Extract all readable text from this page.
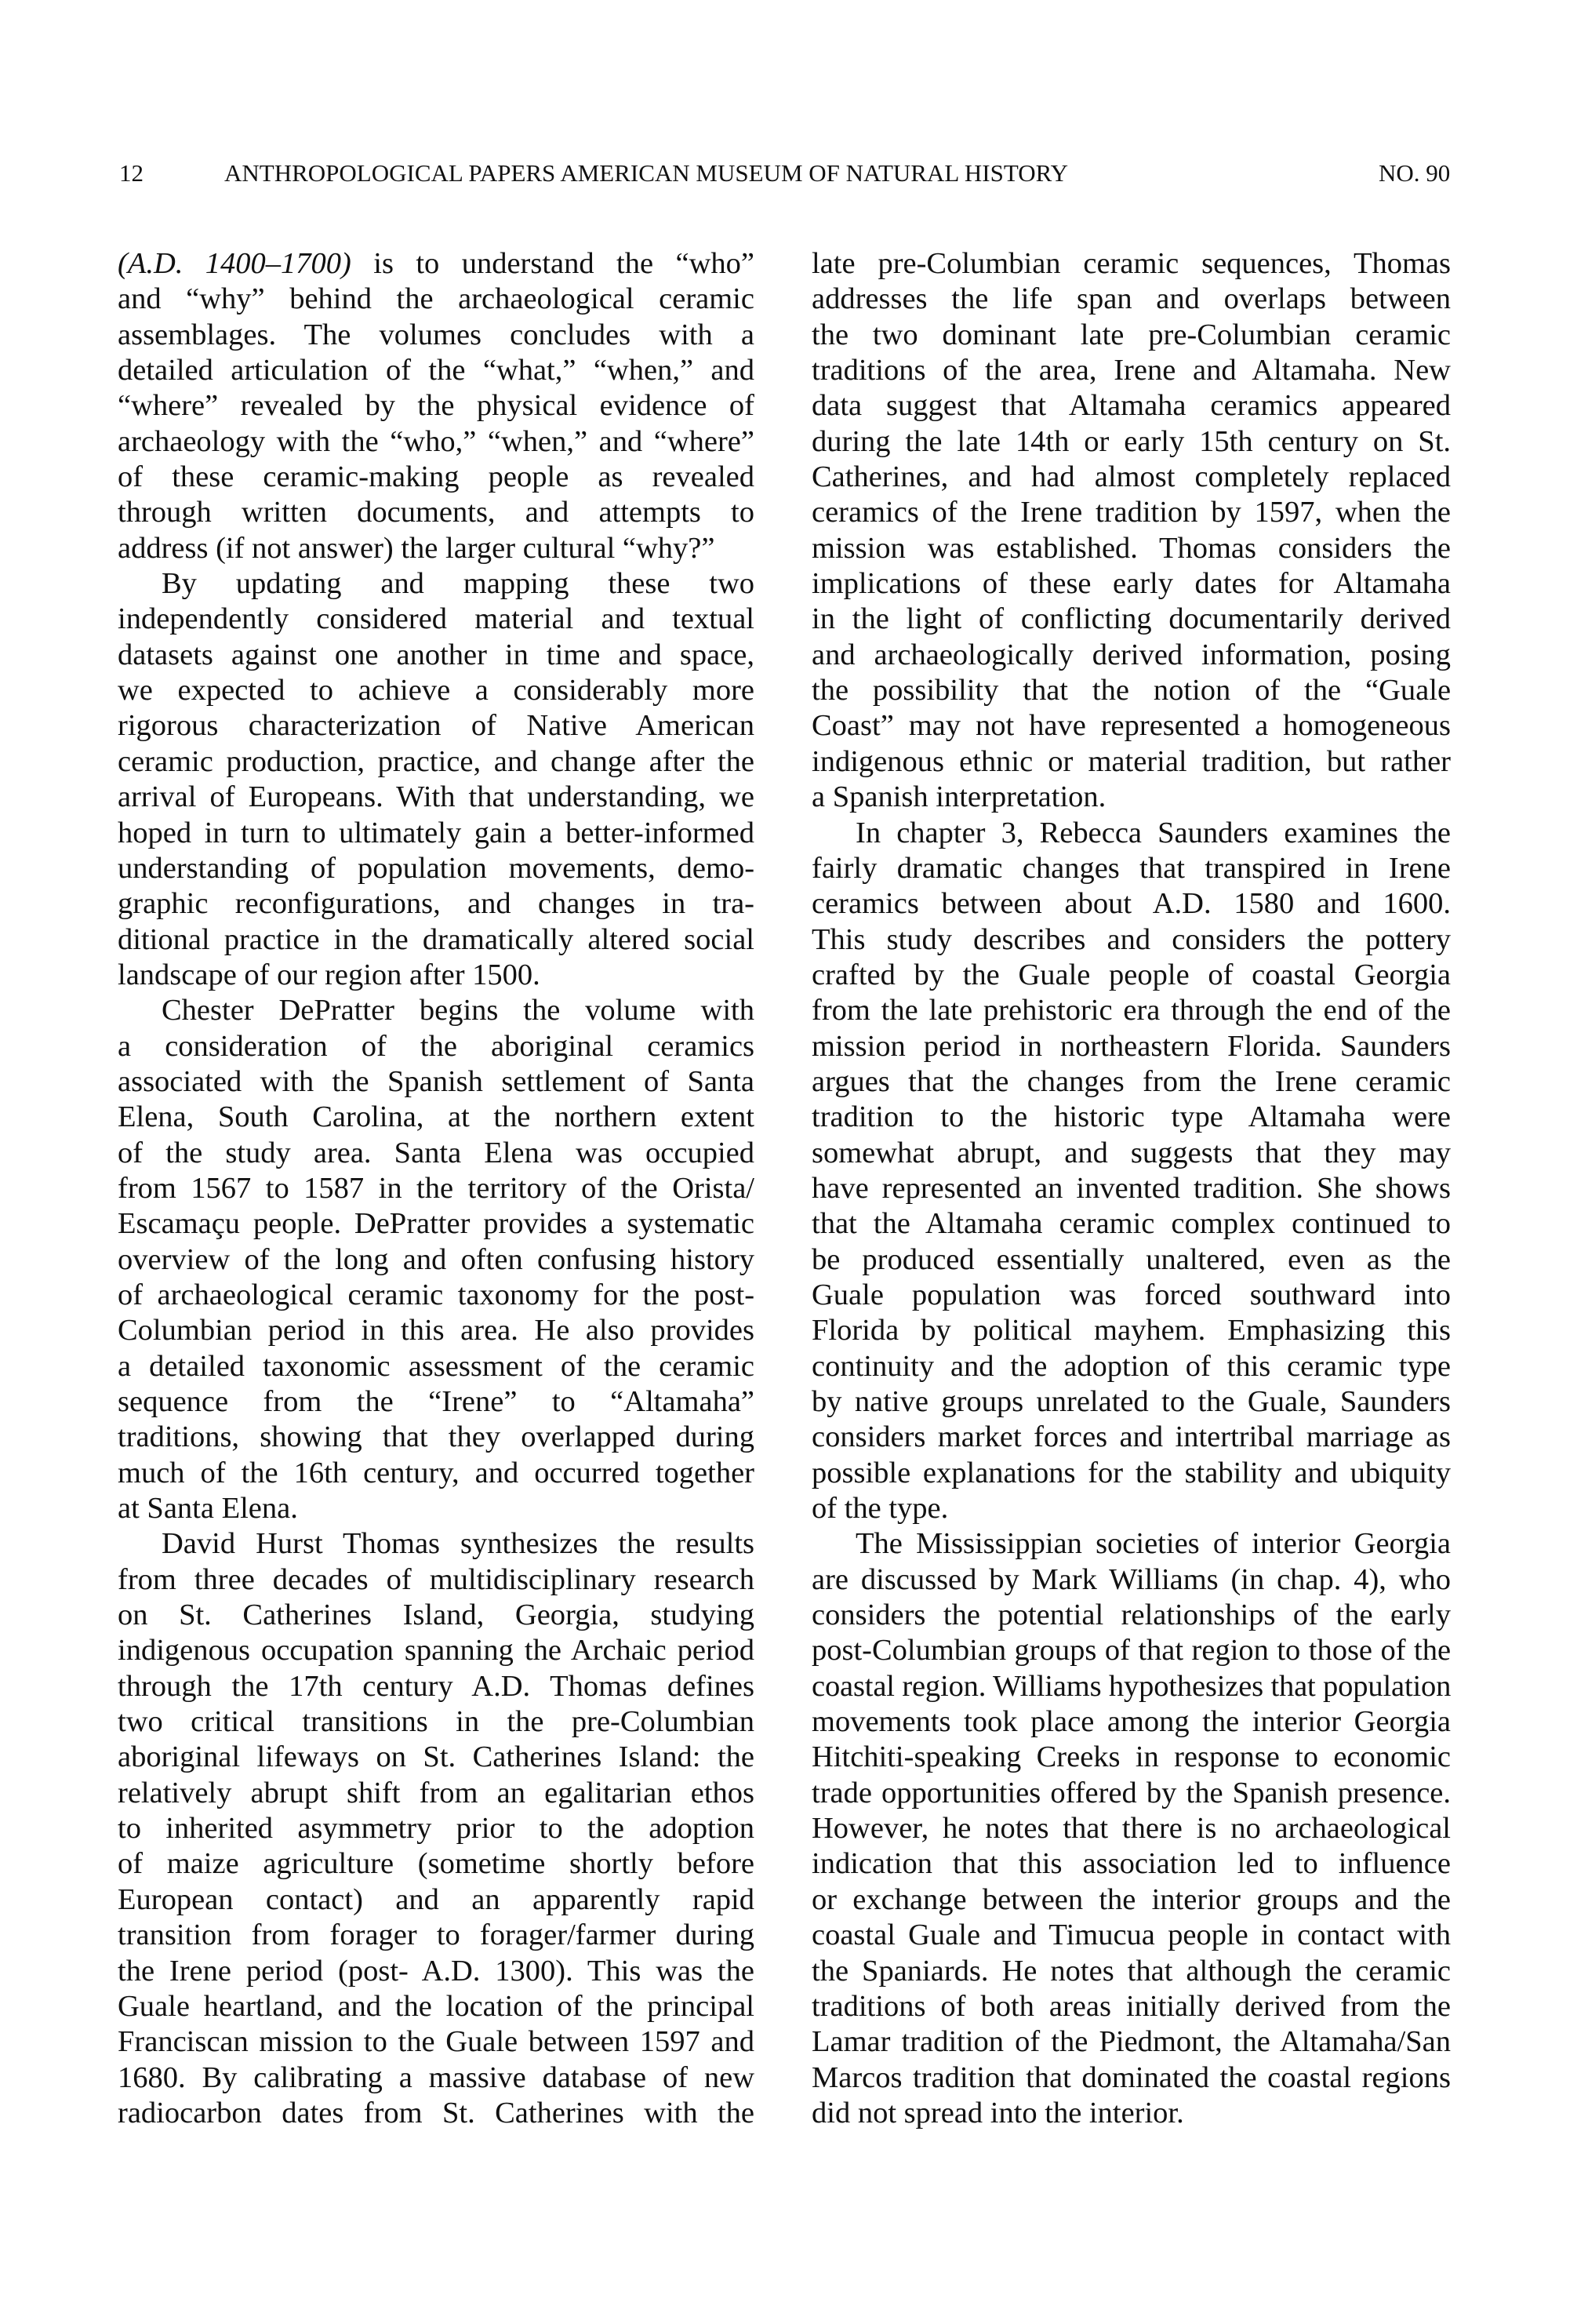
12	ANTHROPOLOGICAL PAPERS AMERICAN MUSEUM OF NATURAL HISTORY	NO. 90
(A.D. 1400–1700) is to understand the “who”
and “why” behind the archaeological ceramic
assemblages. The volumes concludes with a
detailed articulation of the “what,” “when,” and
“where” revealed by the physical evidence of
archaeology with the “who,” “when,” and “where”
of these ceramic-making people as revealed
through written documents, and attempts to
address (if not answer) the larger cultural “why?”
By updating and mapping these two
independently considered material and textual
datasets against one another in time and space,
we expected to achieve a considerably more
rigorous characterization of Native American
ceramic production, practice, and change after the
arrival of Europeans. With that understanding, we
hoped in turn to ultimately gain a better-informed
understanding of population movements, demo-
graphic reconfigurations, and changes in tra-
ditional practice in the dramatically altered social
landscape of our region after 1500.
Chester DePratter begins the volume with
a consideration of the aboriginal ceramics
associated with the Spanish settlement of Santa
Elena, South Carolina, at the northern extent
of the study area. Santa Elena was occupied
from 1567 to 1587 in the territory of the Orista/
Escamaçu people. DePratter provides a systematic
overview of the long and often confusing history
of archaeological ceramic taxonomy for the post-
Columbian period in this area. He also provides
a detailed taxonomic assessment of the ceramic
sequence from the “Irene” to “Altamaha”
traditions, showing that they overlapped during
much of the 16th century, and occurred together
at Santa Elena.
David Hurst Thomas synthesizes the results
from three decades of multidisciplinary research
on St. Catherines Island, Georgia, studying
indigenous occupation spanning the Archaic period
through the 17th century A.D. Thomas defines
two critical transitions in the pre-Columbian
aboriginal lifeways on St. Catherines Island: the
relatively abrupt shift from an egalitarian ethos
to inherited asymmetry prior to the adoption
of maize agriculture (sometime shortly before
European contact) and an apparently rapid
transition from forager to forager/farmer during
the Irene period (post- A.D. 1300). This was the
Guale heartland, and the location of the principal
Franciscan mission to the Guale between 1597 and
1680. By calibrating a massive database of new
radiocarbon dates from St. Catherines with the
late pre-Columbian ceramic sequences, Thomas
addresses the life span and overlaps between
the two dominant late pre-Columbian ceramic
traditions of the area, Irene and Altamaha. New
data suggest that Altamaha ceramics appeared
during the late 14th or early 15th century on St.
Catherines, and had almost completely replaced
ceramics of the Irene tradition by 1597, when the
mission was established. Thomas considers the
implications of these early dates for Altamaha
in the light of conflicting documentarily derived
and archaeologically derived information, posing
the possibility that the notion of the “Guale
Coast” may not have represented a homogeneous
indigenous ethnic or material tradition, but rather
a Spanish interpretation.
In chapter 3, Rebecca Saunders examines the
fairly dramatic changes that transpired in Irene
ceramics between about A.D. 1580 and 1600.
This study describes and considers the pottery
crafted by the Guale people of coastal Georgia
from the late prehistoric era through the end of the
mission period in northeastern Florida. Saunders
argues that the changes from the Irene ceramic
tradition to the historic type Altamaha were
somewhat abrupt, and suggests that they may
have represented an invented tradition. She shows
that the Altamaha ceramic complex continued to
be produced essentially unaltered, even as the
Guale population was forced southward into
Florida by political mayhem. Emphasizing this
continuity and the adoption of this ceramic type
by native groups unrelated to the Guale, Saunders
considers market forces and intertribal marriage as
possible explanations for the stability and ubiquity
of the type.
The Mississippian societies of interior Georgia
are discussed by Mark Williams (in chap. 4), who
considers the potential relationships of the early
post-Columbian groups of that region to those of the
coastal region. Williams hypothesizes that population
movements took place among the interior Georgia
Hitchiti-speaking Creeks in response to economic
trade opportunities offered by the Spanish presence.
However, he notes that there is no archaeological
indication that this association led to influence
or exchange between the interior groups and the
coastal Guale and Timucua people in contact with
the Spaniards. He notes that although the ceramic
traditions of both areas initially derived from the
Lamar tradition of the Piedmont, the Altamaha/San
Marcos tradition that dominated the coastal regions
did not spread into the interior.
